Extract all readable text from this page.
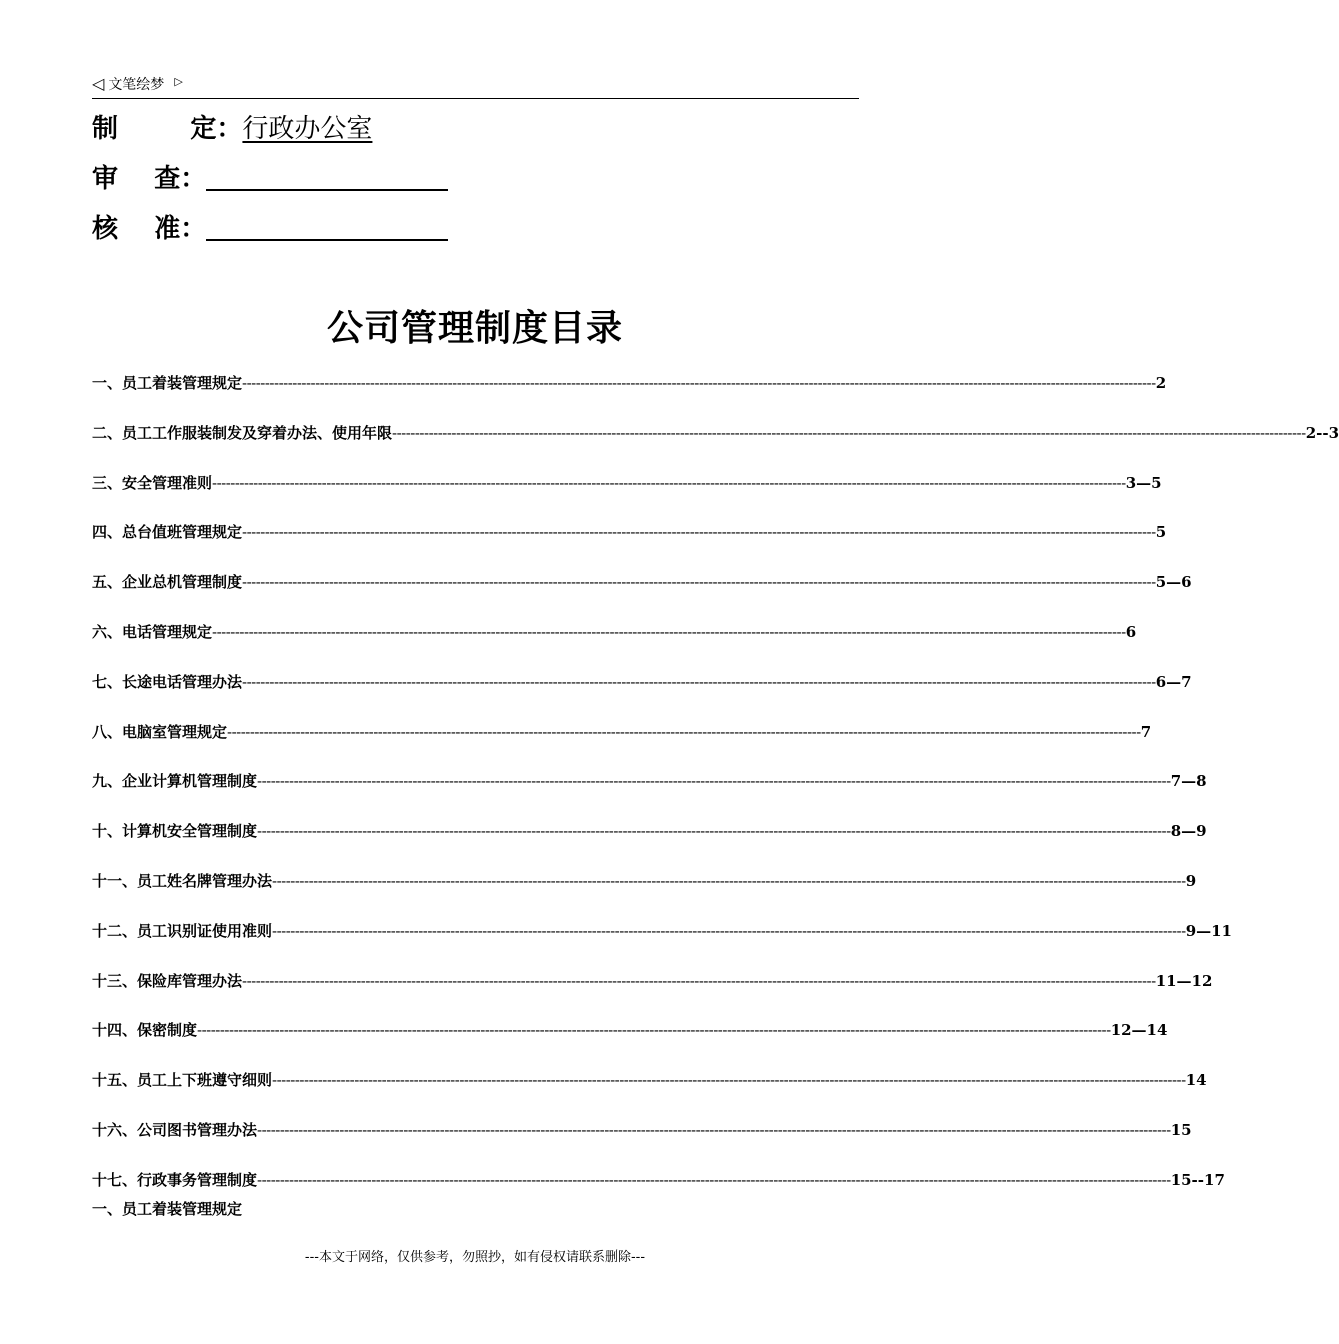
◁ 文笔绘梦 ▷
制        定： 行政办公室
审    查：
核    准：
公司管理制度目录
一、员工着装管理规定 -------------------------------------------------------------------------------------------------------------------------------------------------------------------------------------------------------- 2
二、员工工作服装制发及穿着办法、使用年限 -------------------------------------------------------------------------------------------------------------------------------------------------------------------------------------------------------- 2--3
三、安全管理准则 -------------------------------------------------------------------------------------------------------------------------------------------------------------------------------------------------------- 3—5
四、总台值班管理规定 -------------------------------------------------------------------------------------------------------------------------------------------------------------------------------------------------------- 5
五、企业总机管理制度 -------------------------------------------------------------------------------------------------------------------------------------------------------------------------------------------------------- 5—6
六、电话管理规定 -------------------------------------------------------------------------------------------------------------------------------------------------------------------------------------------------------- 6
七、长途电话管理办法 -------------------------------------------------------------------------------------------------------------------------------------------------------------------------------------------------------- 6—7
八、电脑室管理规定 -------------------------------------------------------------------------------------------------------------------------------------------------------------------------------------------------------- 7
九、企业计算机管理制度 -------------------------------------------------------------------------------------------------------------------------------------------------------------------------------------------------------- 7—8
十、计算机安全管理制度 -------------------------------------------------------------------------------------------------------------------------------------------------------------------------------------------------------- 8—9
十一、员工姓名牌管理办法 -------------------------------------------------------------------------------------------------------------------------------------------------------------------------------------------------------- 9
十二、员工识别证使用准则 -------------------------------------------------------------------------------------------------------------------------------------------------------------------------------------------------------- 9—11
十三、保险库管理办法 -------------------------------------------------------------------------------------------------------------------------------------------------------------------------------------------------------- 11—12
十四、保密制度 -------------------------------------------------------------------------------------------------------------------------------------------------------------------------------------------------------- 12—14
十五、员工上下班遵守细则 -------------------------------------------------------------------------------------------------------------------------------------------------------------------------------------------------------- 14
十六、公司图书管理办法 -------------------------------------------------------------------------------------------------------------------------------------------------------------------------------------------------------- 15
十七、行政事务管理制度 -------------------------------------------------------------------------------------------------------------------------------------------------------------------------------------------------------- 15--17
一、员工着装管理规定
---本文于网络，仅供参考，勿照抄，如有侵权请联系删除---
